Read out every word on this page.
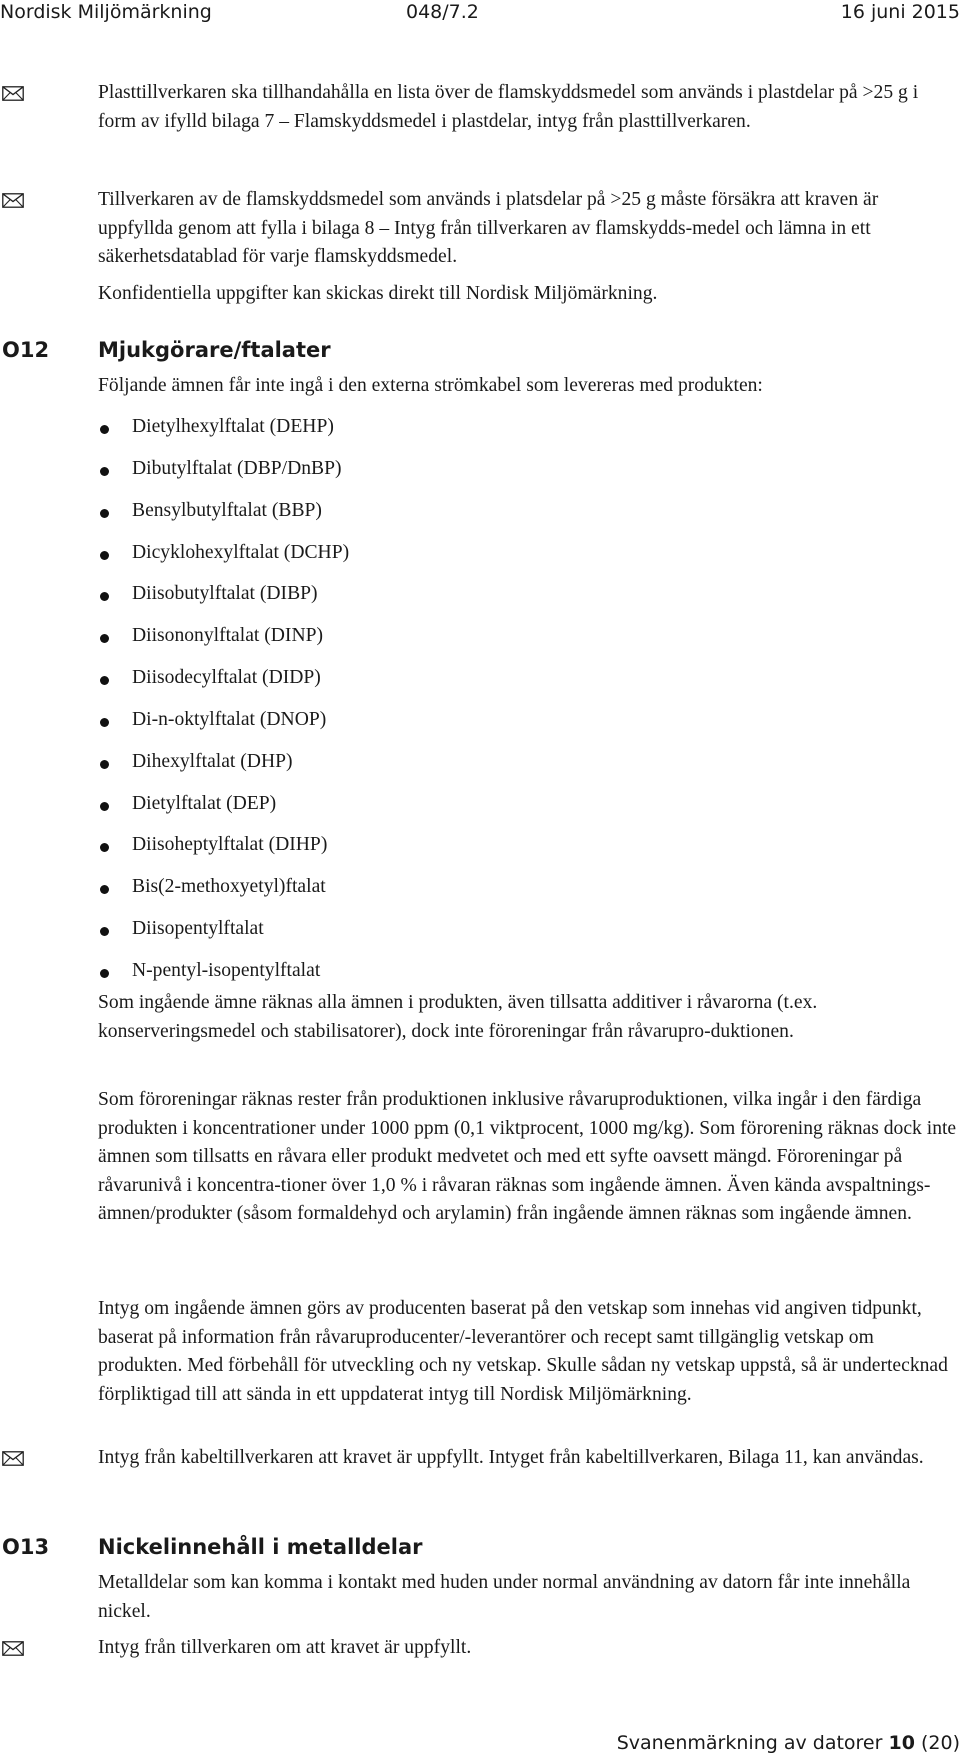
Nordisk Miljömärkning	048/7.2	16 juni 2015

Plasttillverkaren ska tillhandahålla en lista över de flamskyddsmedel som används i plastdelar på >25 g i form av ifylld bilaga 7 – Flamskyddsmedel i plastdelar, intyg från plasttillverkaren.

Tillverkaren av de flamskyddsmedel som används i platsdelar på >25 g måste försäkra att kraven är uppfyllda genom att fylla i bilaga 8 – Intyg från tillverkaren av flamskydds-medel och lämna in ett säkerhetsdatablad för varje flamskyddsmedel.

Konfidentiella uppgifter kan skickas direkt till Nordisk Miljömärkning.

O12 Mjukgörare/ftalater

Följande ämnen får inte ingå i den externa strömkabel som levereras med produkten:

Dietylhexylftalat (DEHP)
Dibutylftalat (DBP/DnBP)
Bensylbutylftalat (BBP)
Dicyklohexylftalat (DCHP)
Diisobutylftalat (DIBP)
Diisononylftalat (DINP)
Diisodecylftalat (DIDP)
Di-n-oktylftalat (DNOP)
Dihexylftalat (DHP)
Dietylftalat (DEP)
Diisoheptylftalat (DIHP)
Bis(2-methoxyetyl)ftalat
Diisopentylftalat
N-pentyl-isopentylftalat

Som ingående ämne räknas alla ämnen i produkten, även tillsatta additiver i råvarorna (t.ex. konserveringsmedel och stabilisatorer), dock inte föroreningar från råvarupro-duktionen.

Som föroreningar räknas rester från produktionen inklusive råvaruproduktionen, vilka ingår i den färdiga produkten i koncentrationer under 1000 ppm (0,1 viktprocent, 1000 mg/kg). Som förorening räknas dock inte ämnen som tillsatts en råvara eller produkt medvetet och med ett syfte oavsett mängd. Föroreningar på råvarunivå i koncentra-tioner över 1,0 % i råvaran räknas som ingående ämnen. Även kända avspaltnings-ämnen/produkter (såsom formaldehyd och arylamin) från ingående ämnen räknas som ingående ämnen.

Intyg om ingående ämnen görs av producenten baserat på den vetskap som innehas vid angiven tidpunkt, baserat på information från råvaruproducenter/-leverantörer och recept samt tillgänglig vetskap om produkten. Med förbehåll för utveckling och ny vetskap. Skulle sådan ny vetskap uppstå, så är undertecknad förpliktigad till att sända in ett uppdaterat intyg till Nordisk Miljömärkning.

Intyg från kabeltillverkaren att kravet är uppfyllt. Intyget från kabeltillverkaren, Bilaga 11, kan användas.

O13 Nickelinnehåll i metalldelar

Metalldelar som kan komma i kontakt med huden under normal användning av datorn får inte innehålla nickel.

Intyg från tillverkaren om att kravet är uppfyllt.

Svanenmärkning av datorer 10 (20)
